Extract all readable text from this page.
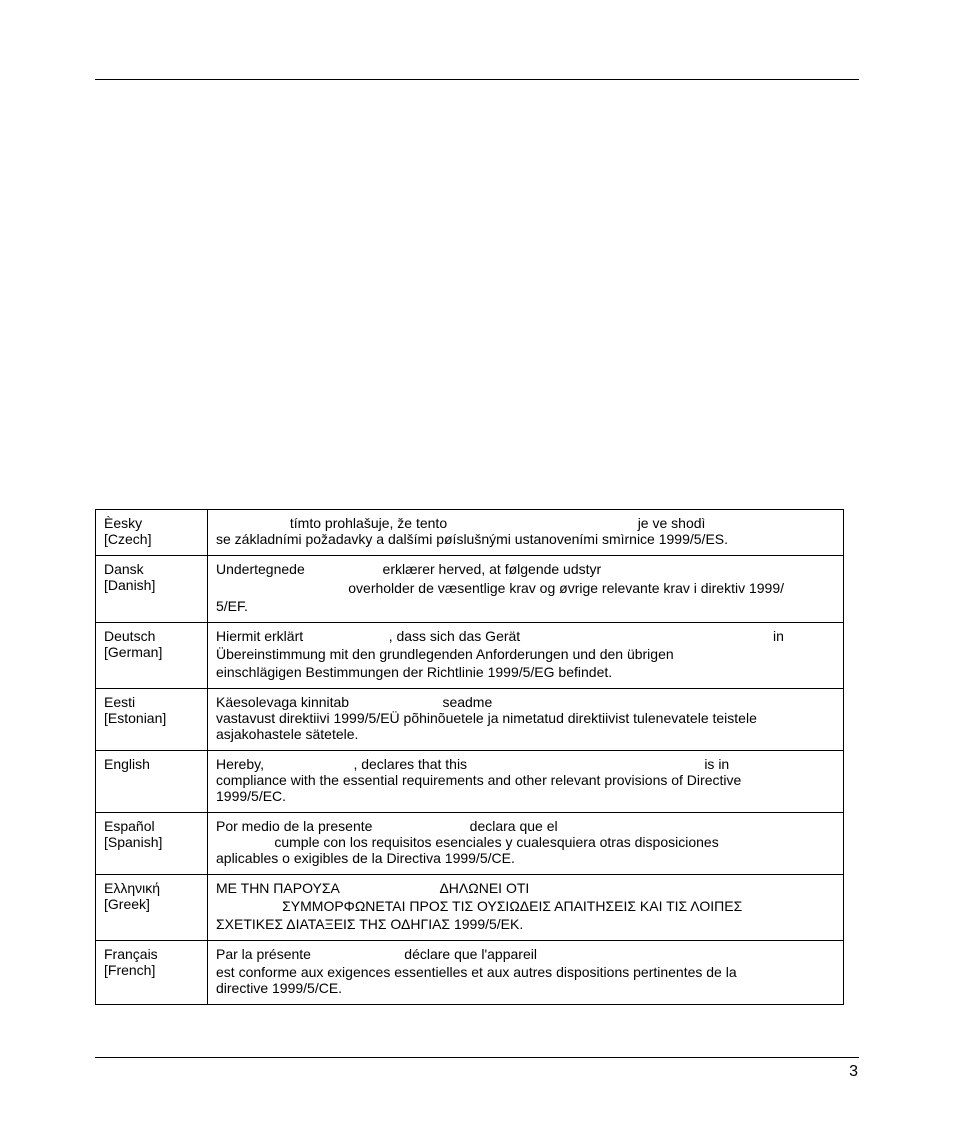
Èesky
[Czech]	tímto prohlašuje, že tento                                                 je ve shodì
se základními požadavky a dalšími pøíslušnými ustanoveními smìrnice 1999/5/ES.

Dansk
[Danish]	Undertegnede                    erklærer herved, at følgende udstyr
overholder de væsentlige krav og øvrige relevante krav i direktiv 1999/
5/EF.

Deutsch
[German]	Hiermit erklärt                      , dass sich das Gerät                                                                 in
Übereinstimmung mit den grundlegenden Anforderungen und den übrigen
einschlägigen Bestimmungen der Richtlinie 1999/5/EG befindet.

Eesti
[Estonian]	Käesolevaga kinnitab                        seadme
vastavust direktiivi 1999/5/EÜ põhinõuetele ja nimetatud direktiivist tulenevatele teistele
asjakohastele sätetele.

English	Hereby,                       , declares that this                                                             is in
compliance with the essential requirements and other relevant provisions of Directive
1999/5/EC.

Español
[Spanish]	Por medio de la presente                         declara que el
cumple con los requisitos esenciales y cualesquiera otras disposiciones
aplicables o exigibles de la Directiva 1999/5/CE.

Ελληνική
[Greek]	ΜΕ ΤΗΝ ΠΑΡΟΥΣΑ                          ΔΗΛΩΝΕΙ ΟΤΙ
ΣΥΜΜΟΡΦΩΝΕΤΑΙ ΠΡΟΣ ΤΙΣ ΟΥΣΙΩΔΕΙΣ ΑΠΑΙΤΗΣΕΙΣ ΚΑΙ ΤΙΣ ΛΟΙΠΕΣ
ΣΧΕΤΙΚΕΣ ΔΙΑΤΑΞΕΙΣ ΤΗΣ ΟΔΗΓΙΑΣ 1999/5/ΕΚ.

Français
[French]	Par la présente                        déclare que l'appareil
est conforme aux exigences essentielles et aux autres dispositions pertinentes de la
directive 1999/5/CE.
3
